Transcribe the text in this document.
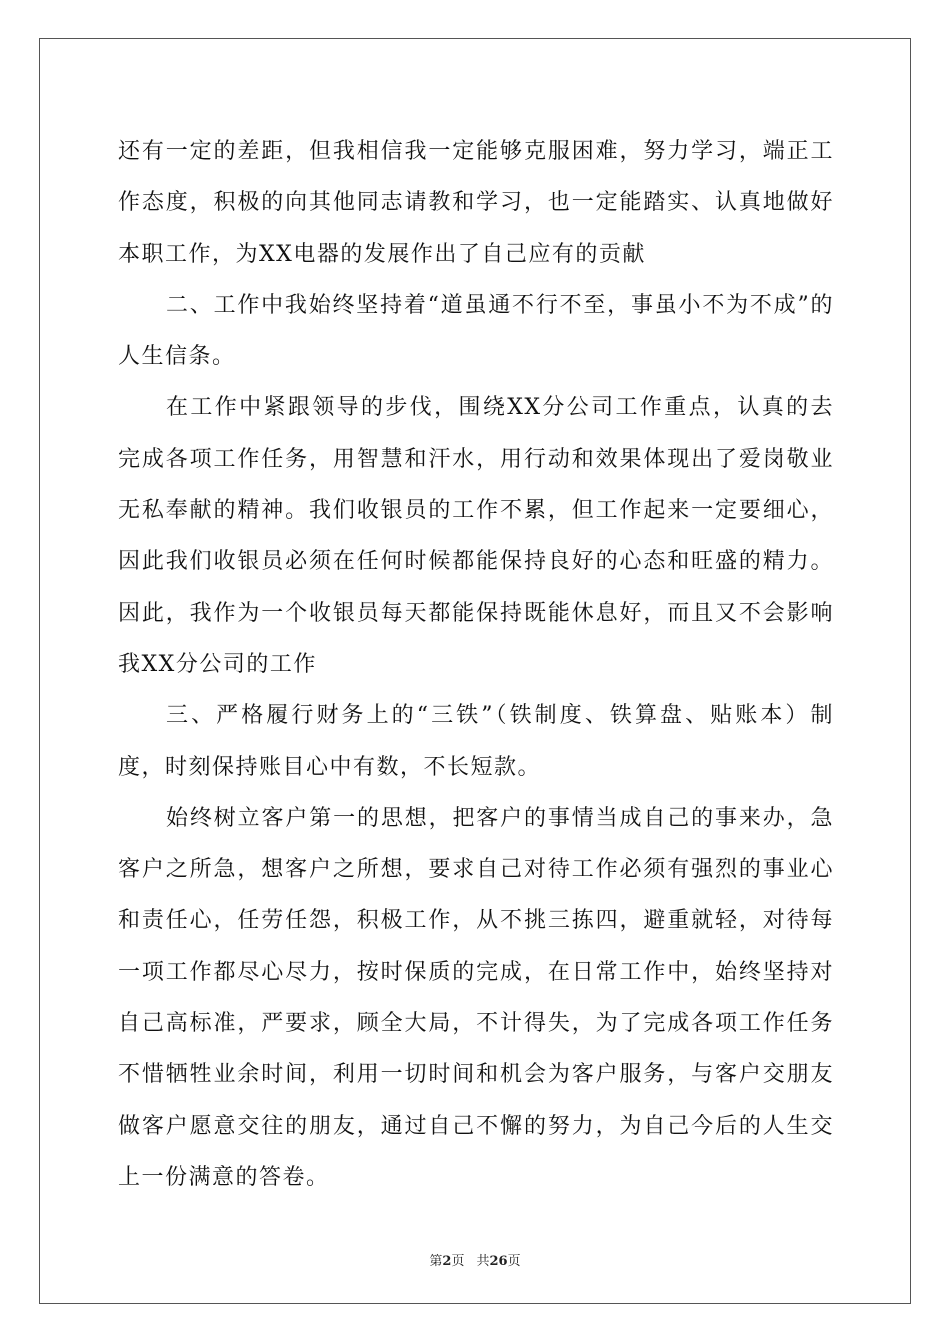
还有一定的差距，但我相信我一定能够克服困难，努力学习，端正工作态度，积极的向其他同志请教和学习，也一定能踏实、认真地做好本职工作，为XX电器的发展作出了自己应有的贡献

二、工作中我始终坚持着“道虽通不行不至，事虽小不为不成”的人生信条。

在工作中紧跟领导的步伐，围绕XX分公司工作重点，认真的去完成各项工作任务，用智慧和汗水，用行动和效果体现出了爱岗敬业无私奉献的精神。我们收银员的工作不累，但工作起来一定要细心，因此我们收银员必须在任何时候都能保持良好的心态和旺盛的精力。因此，我作为一个收银员每天都能保持既能休息好，而且又不会影响我XX分公司的工作

三、严格履行财务上的“三铁”（铁制度、铁算盘、贴账本）制度，时刻保持账目心中有数，不长短款。

始终树立客户第一的思想，把客户的事情当成自己的事来办，急客户之所急，想客户之所想，要求自己对待工作必须有强烈的事业心和责任心，任劳任怨，积极工作，从不挑三拣四，避重就轻，对待每一项工作都尽心尽力，按时保质的完成，在日常工作中，始终坚持对自己高标准，严要求，顾全大局，不计得失，为了完成各项工作任务不惜牺牲业余时间，利用一切时间和机会为客户服务，与客户交朋友做客户愿意交往的朋友，通过自己不懈的努力，为自己今后的人生交上一份满意的答卷。

第2页 共26页
